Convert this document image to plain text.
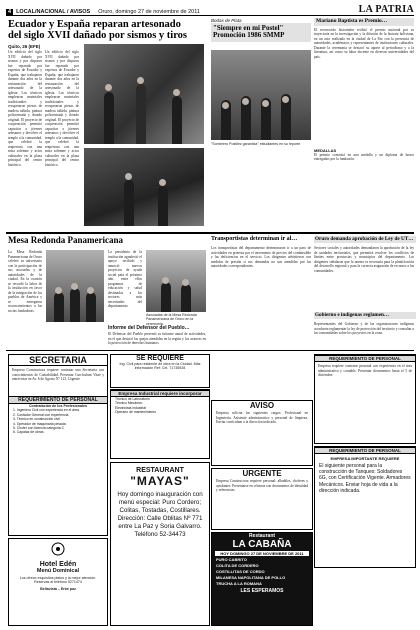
4 LOCAL/NACIONAL / AVISOS Oruro, domingo 27 de noviembre de 2011	LA PATRIA
Ecuador y España reparan artesonado
del siglo XVII dañado por sismos y tiros
Quito, 26 (EFE)
Un edificio del siglo XVII dañado por sismos y por disparos fue reparado por expertos de Ecuador y España, que trabajaron durante dos años en la restauración del artesonado de la iglesia. Los técnicos emplearon materiales tradicionales y recuperaron piezas de madera tallada, pintura policromada y dorado original. El proyecto de cooperación permitió capacitar a jóvenes artesanos y devolver el templo a la comunidad, que celebró la reapertura con una misa solemne y actos culturales en la plaza principal del centro histórico.
Un edificio del siglo XVII dañado por sismos y por disparos fue reparado por expertos de Ecuador y España, que trabajaron durante dos años en la restauración del artesonado de la iglesia. Los técnicos emplearon materiales tradicionales y recuperaron piezas de madera tallada, pintura policromada y dorado original. El proyecto de cooperación permitió capacitar a jóvenes artesanos y devolver el templo a la comunidad, que celebró la reapertura con una misa solemne y actos culturales en la plaza principal del centro histórico.
Bodas de Plata
"Siempre en mi Postel" Promoción 1986 SMMP
"Sombrero Postilez garantiza" estudiantes en su reporte
Mariano Baptista es Premio…
El reconocido historiador recibió el premio nacional por su trayectoria en la investigación y la difusión de la historia boliviana, en un acto realizado en la ciudad de La Paz con la presencia de autoridades, académicos y representantes de instituciones culturales. Durante la ceremonia se destacó su aporte al periodismo y a la literatura, así como su labor docente en diversas universidades del país.
MEDALLAS
El premio consistió en una medalla y un diploma de honor entregados por la fundación.
Mesa Redonda Panamericana
La Mesa Redonda Panamericana de Oruro celebró su aniversario con la participación de sus asociadas y de autoridades de la ciudad. En la ocasión se recordó la labor de la institución en favor de la integración de los pueblos de América y se entregaron reconocimientos a las socias fundadoras.
La presidenta de la institución agradeció el apoyo recibido y anunció nuevos proyectos de ayuda social para el próximo año, entre ellos programas de educación y salud destinados a los sectores más necesitados del departamento.
Asociadas de la Mesa Redonda Panamericana de Oruro en la ceremonia.
Informe del Defensor del Pueblo…
El Defensor del Pueblo presentó su informe anual de actividades, en el que destacó las quejas atendidas en la región y los avances en la protección de derechos humanos.
Transportistas determinan ir al…
Los transportistas del departamento determinaron ir a un paro de actividades en protesta por el incremento de precios del combustible y las deficiencias en el servicio. Los dirigentes advirtieron con medidas de presión si sus demandas no son atendidas por las autoridades correspondientes.
Oruro demanda aprobación de Ley de UT…
Sectores sociales y autoridades demandaron la aprobación de la ley de unidades territoriales, que permitirá resolver los conflictos de límites entre provincias y municipios del departamento. Los dirigentes señalaron que la norma es necesaria para la planificación del desarrollo regional y para la correcta asignación de recursos a las comunidades.
Gobierno e indígenas reglamen…
Representantes del Gobierno y de las organizaciones indígenas acordaron reglamentar la ley de protección del territorio y consultar a las comunidades sobre los proyectos en la zona.
SECRETARIA
Empresa Constructora requiere contratar una Secretaria con conocimientos de Contabilidad. Presentar Currículum Vitae y entrevistar en Av. 6 de Agosto N° 123. Urgente.
REQUERIMIENTO DE PERSONAL
Contratación de los Profesionales
1. Ingeniero Civil con experiencia en el área
2. Contador General con experiencia
3. Técnico en construcción civil
4. Operador de maquinaria pesada
5. Chofer con licencia categoría C
6. Capataz de obras
SE REQUIERE
Ing. Civil para residente de obra en la Ciudad. Más información Ref: Cel. 71735928
Empresa Industrial requiere incorporar
Técnico de Laboratorio
Técnico Mecánico
Electricista industrial
Operario de mantenimiento
AVISO
Empresa solicita los siguientes cargos: Profesional en Ingeniería, Asistente administrativo y personal de limpieza. Enviar currículum a la dirección indicada.
URGENTE
Empresa Constructora requiere personal: albañiles, choferes y ayudantes. Presentarse en oficinas con documentos de identidad y referencias.
REQUERIMIENTO DE PERSONAL
Empresa requiere contratar personal con experiencia en el área administrativa y contable. Presentar documentos hasta el 5 de diciembre.
REQUERIMIENTO DE PERSONAL
EMPRESA IMPORTANTE REQUIERE
El siguiente personal para la construcción de Tanques: Soldadores 6G, con Certificación Vigente. Armadores Mecánicos. Enviar hoja de vida a la dirección indicada.
Hotel Edén
Menú Dominical
Los ofrece exquisitos platos y la mejor atención. Reservas al teléfono 5271474
Bellavista – Erbe paz
RESTAURANT
"MAYAS"
Hoy domingo inauguración con menú especial: Puro Cordero; Colitas, Tostadas, Costillares. Dirección: Calle Oblitas Nº 771 entre La Paz y Soria Galvarro. Teléfono 52-34473	Restaurant
LA CABAÑA
HOY DOMINGO 27 DE NOVIEMBRE DE 2011
PURO CABRITO
COLITA DE CORDERO
COSTILLITAS DE CORDO
MILANESA NAPOLITANA DE POLLO
TRUCHA A LA ROMANA
LES ESPERAMOS
